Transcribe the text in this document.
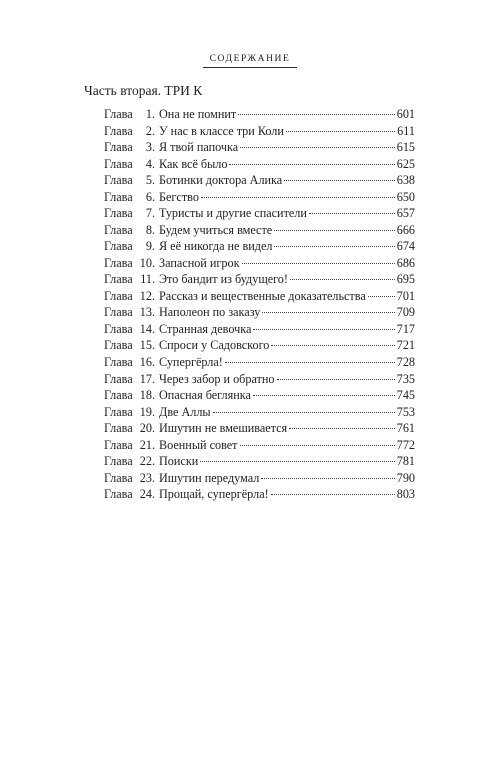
СОДЕРЖАНИЕ
Часть вторая. ТРИ К
Глава 1. Она не помнит	601
Глава 2. У нас в классе три Коли	611
Глава 3. Я твой папочка	615
Глава 4. Как всё было	625
Глава 5. Ботинки доктора Алика	638
Глава 6. Бегство	650
Глава 7. Туристы и другие спасители	657
Глава 8. Будем учиться вместе	666
Глава 9. Я её никогда не видел	674
Глава 10. Запасной игрок	686
Глава 11. Это бандит из будущего!	695
Глава 12. Рассказ и вещественные доказательства	701
Глава 13. Наполеон по заказу	709
Глава 14. Странная девочка	717
Глава 15. Спроси у Садовского	721
Глава 16. Супергёрла!	728
Глава 17. Через забор и обратно	735
Глава 18. Опасная беглянка	745
Глава 19. Две Аллы	753
Глава 20. Ишутин не вмешивается	761
Глава 21. Военный совет	772
Глава 22. Поиски	781
Глава 23. Ишутин передумал	790
Глава 24. Прощай, супергёрла!	803
